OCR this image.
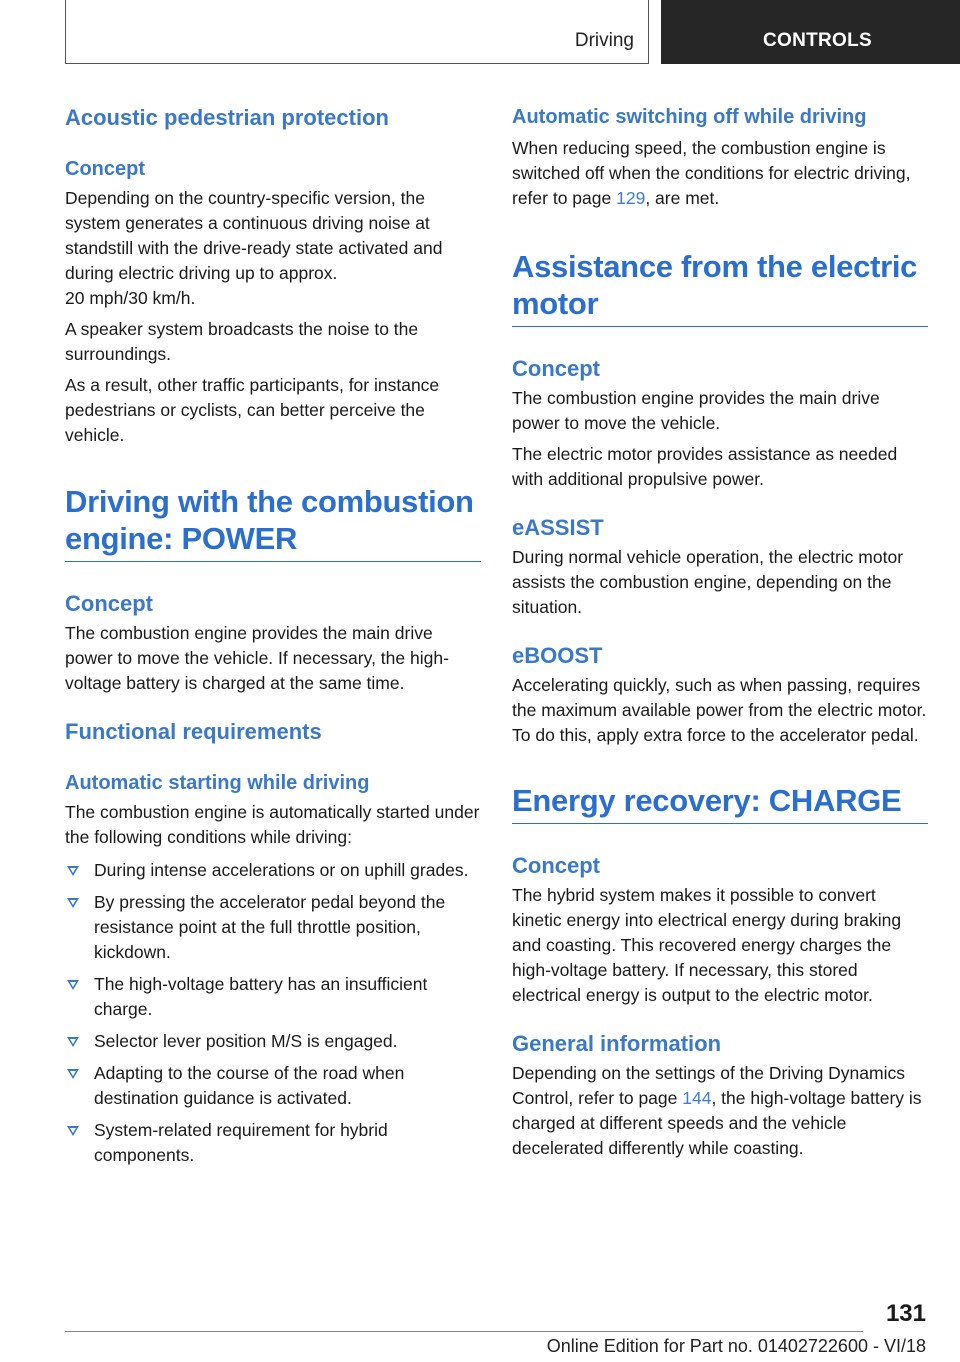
Driving	CONTROLS
Acoustic pedestrian protection
Concept

Depending on the country-specific version, the system generates a continuous driving noise at standstill with the drive-ready state activated and during electric driving up to approx.

20 mph/30 km/h.

A speaker system broadcasts the noise to the surroundings.

As a result, other traffic participants, for instance pedestrians or cyclists, can better perceive the vehicle.

Driving with the combustion engine: POWER
Concept

The combustion engine provides the main drive power to move the vehicle. If necessary, the high-voltage battery is charged at the same time.

Functional requirements
Automatic starting while driving

The combustion engine is automatically started under the following conditions while driving:

During intense accelerations or on uphill grades.
By pressing the accelerator pedal beyond the resistance point at the full throttle position, kickdown.
The high-voltage battery has an insufficient charge.
Selector lever position M/S is engaged.
Adapting to the course of the road when destination guidance is activated.
System-related requirement for hybrid components.
Automatic switching off while driving

When reducing speed, the combustion engine is switched off when the conditions for electric driving, refer to page 129, are met.

Assistance from the electric motor
Concept

The combustion engine provides the main drive power to move the vehicle.

The electric motor provides assistance as needed with additional propulsive power.

eASSIST

During normal vehicle operation, the electric motor assists the combustion engine, depending on the situation.

eBOOST

Accelerating quickly, such as when passing, requires the maximum available power from the electric motor. To do this, apply extra force to the accelerator pedal.

Energy recovery: CHARGE
Concept

The hybrid system makes it possible to convert kinetic energy into electrical energy during braking and coasting. This recovered energy charges the high-voltage battery. If necessary, this stored electrical energy is output to the electric motor.

General information

Depending on the settings of the Driving Dynamics Control, refer to page 144, the high-voltage battery is charged at different speeds and the vehicle decelerated differently while coasting.

131
Online Edition for Part no. 01402722600 - VI/18
